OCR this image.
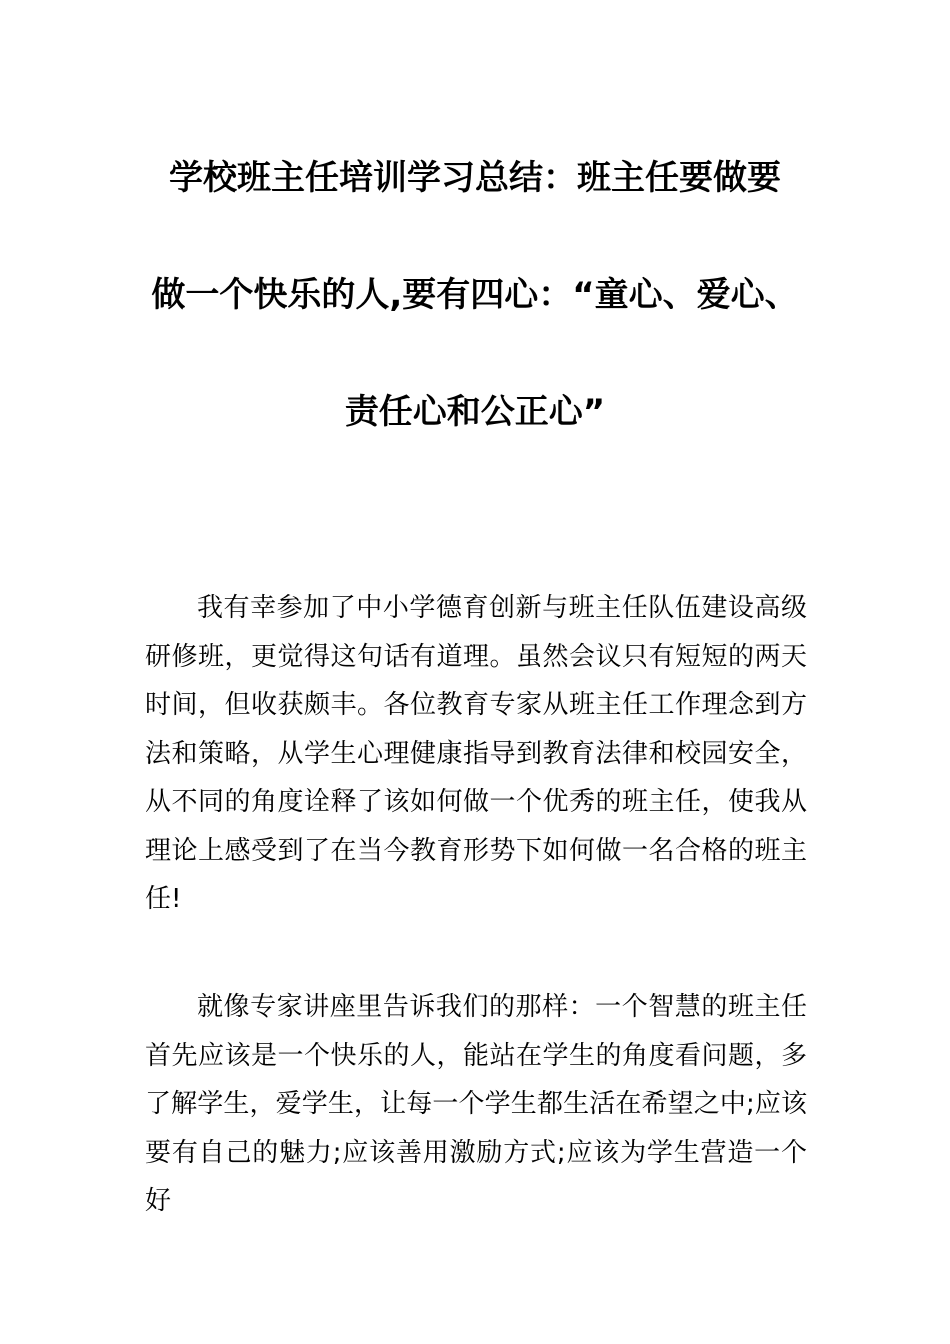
学校班主任培训学习总结：班主任要做要
做一个快乐的人,要有四心：“童心、爱心、
责任心和公正心”

我有幸参加了中小学德育创新与班主任队伍建设高级研修班，更觉得这句话有道理。虽然会议只有短短的两天时间，但收获颇丰。各位教育专家从班主任工作理念到方法和策略，从学生心理健康指导到教育法律和校园安全，从不同的角度诠释了该如何做一个优秀的班主任，使我从理论上感受到了在当今教育形势下如何做一名合格的班主任!

就像专家讲座里告诉我们的那样：一个智慧的班主任首先应该是一个快乐的人，能站在学生的角度看问题，多了解学生，爱学生，让每一个学生都生活在希望之中;应该要有自己的魅力;应该善用激励方式;应该为学生营造一个好
